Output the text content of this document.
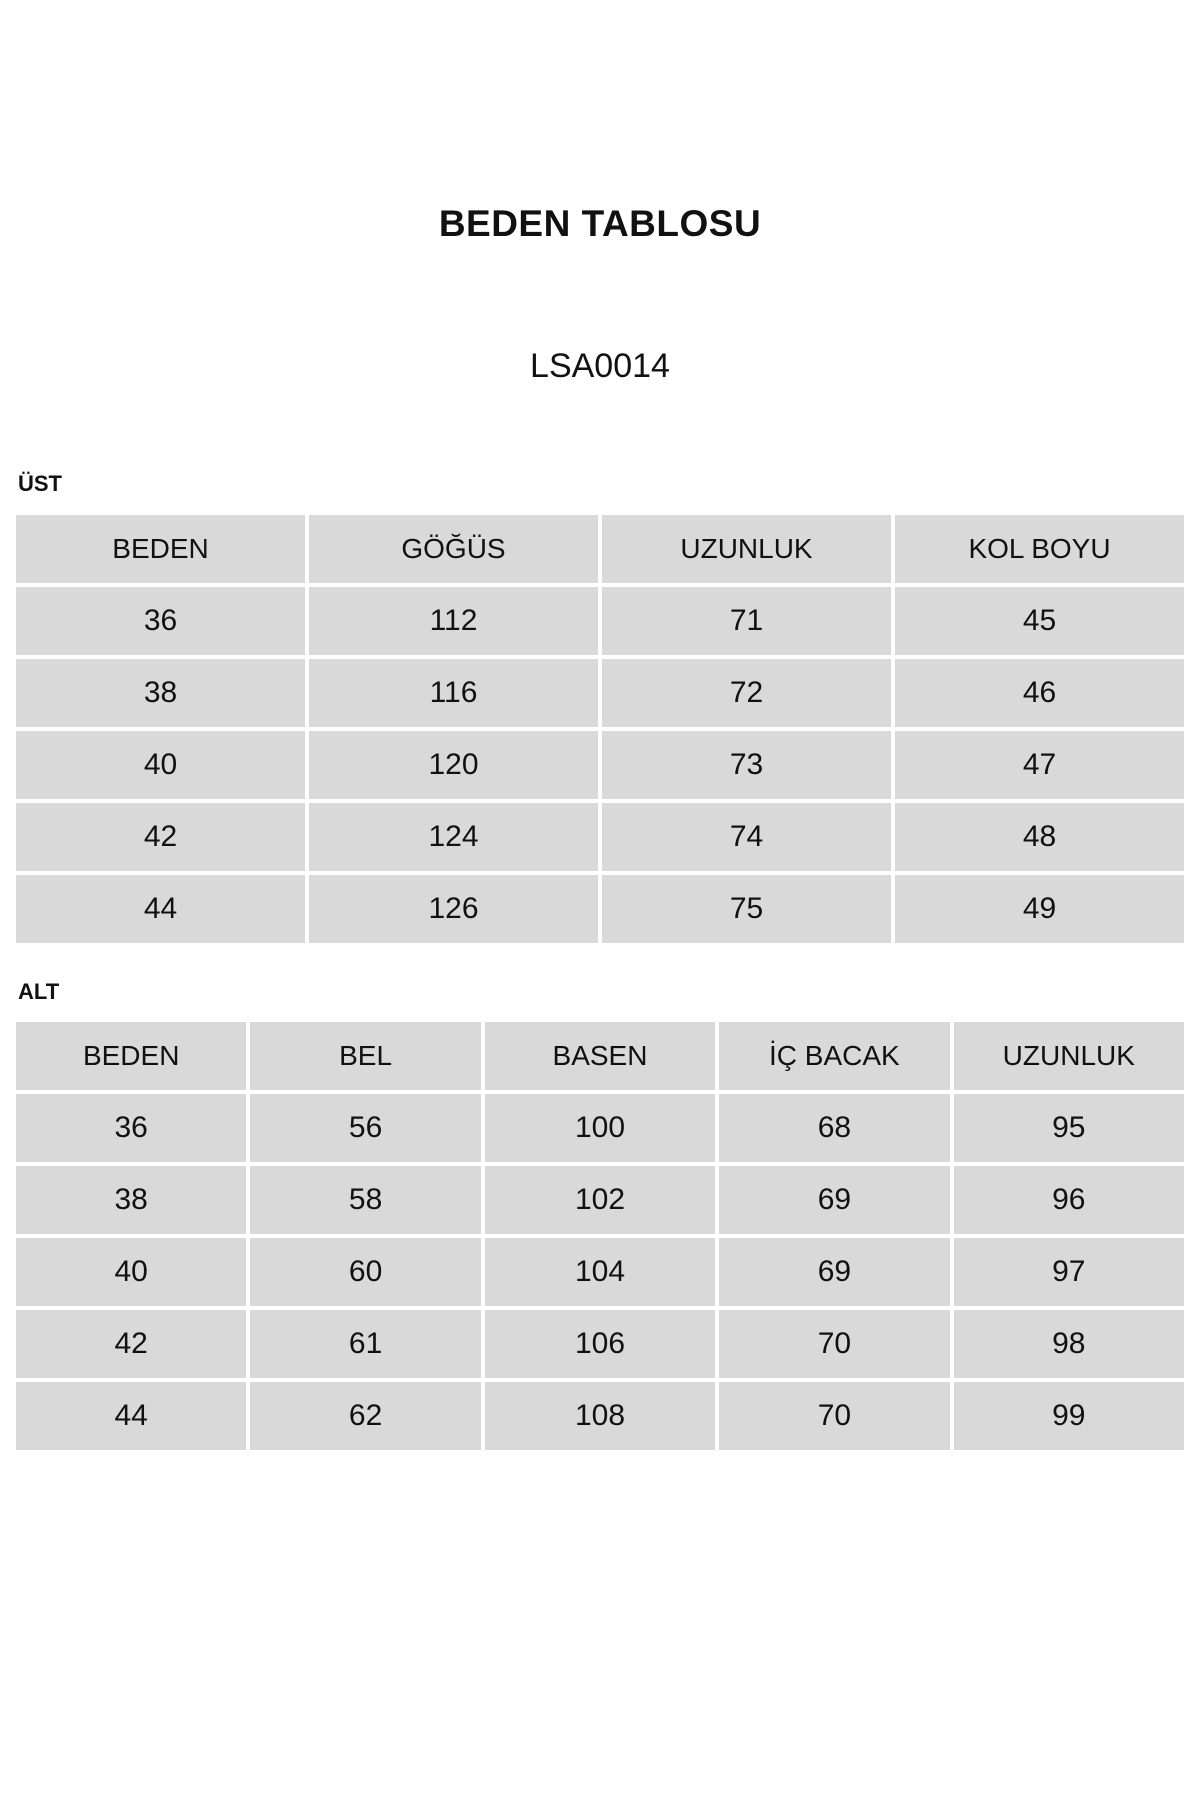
BEDEN TABLOSU
LSA0014
ÜST
BEDEN	GÖĞÜS	UZUNLUK	KOL BOYU
36	112	71	45
38	116	72	46
40	120	73	47
42	124	74	48
44	126	75	49
ALT
BEDEN	BEL	BASEN	İÇ BACAK	UZUNLUK
36	56	100	68	95
38	58	102	69	96
40	60	104	69	97
42	61	106	70	98
44	62	108	70	99
